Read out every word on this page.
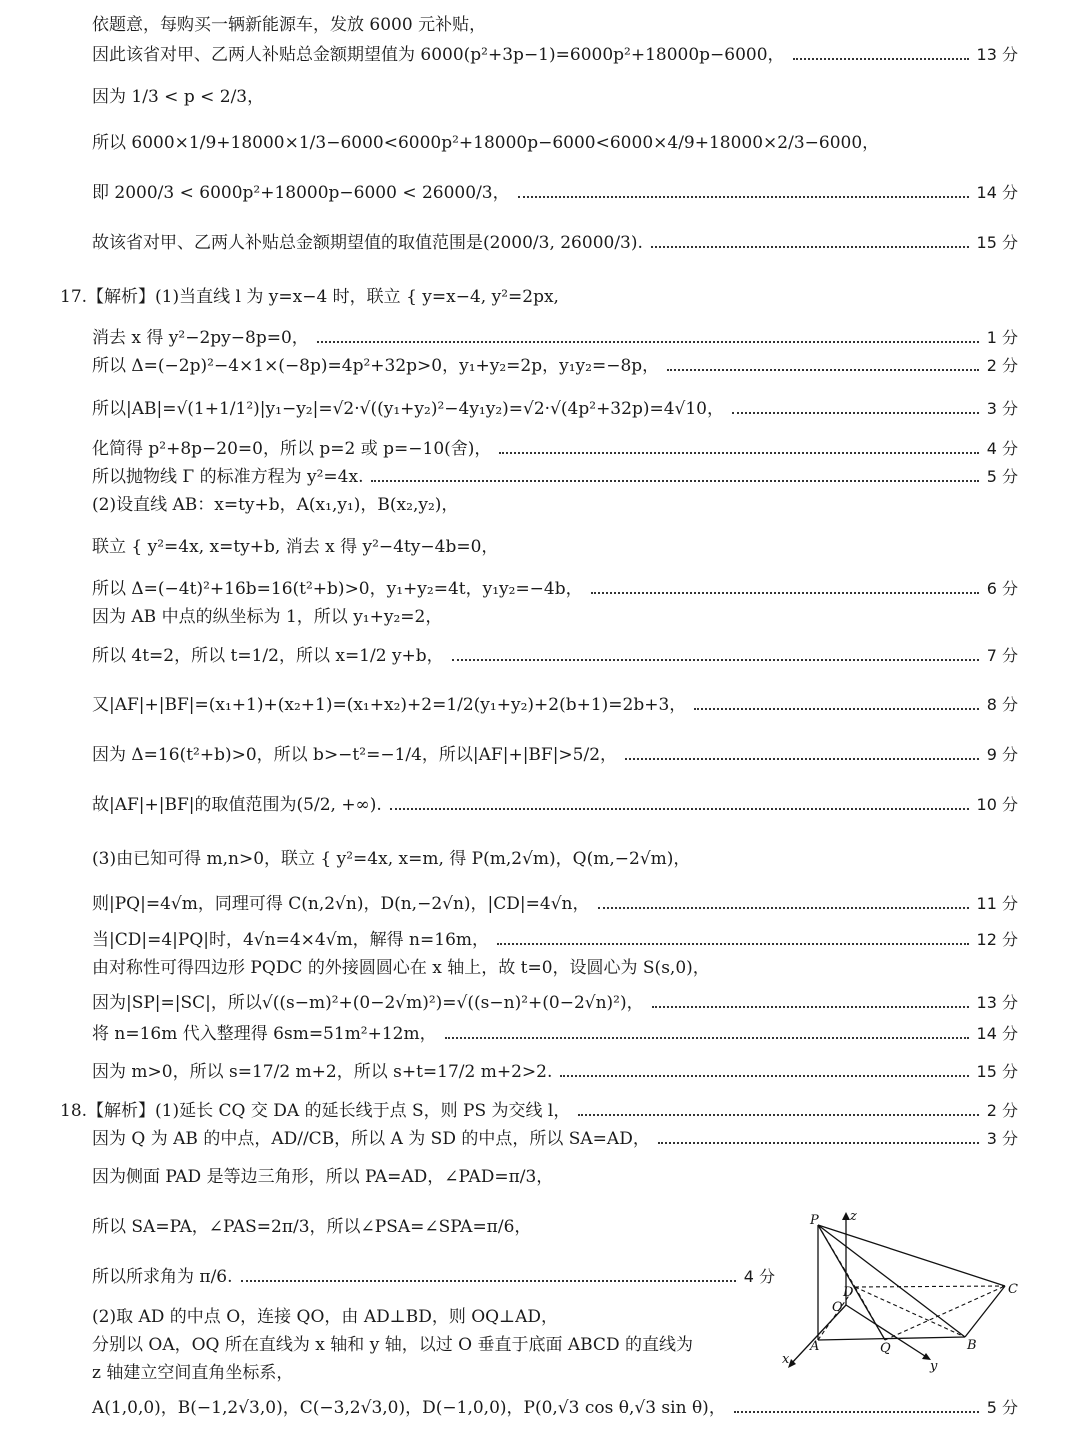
依题意，每购买一辆新能源车，发放 6000 元补贴，
因此该省对甲、乙两人补贴总金额期望值为 6000(p²+3p−1)=6000p²+18000p−6000，	13 分
因为 1/3 < p < 2/3，
所以 6000×1/9+18000×1/3−6000<6000p²+18000p−6000<6000×4/9+18000×2/3−6000，
即 2000/3 < 6000p²+18000p−6000 < 26000/3，	14 分
故该省对甲、乙两人补贴总金额期望值的取值范围是(2000/3, 26000/3).	15 分
17.【解析】(1)当直线 l 为 y=x−4 时，联立 { y=x−4, y²=2px,
消去 x 得 y²−2py−8p=0，	1 分
所以 Δ=(−2p)²−4×1×(−8p)=4p²+32p>0，y₁+y₂=2p，y₁y₂=−8p，	2 分
所以|AB|=√(1+1/1²)|y₁−y₂|=√2·√((y₁+y₂)²−4y₁y₂)=√2·√(4p²+32p)=4√10，	3 分
化简得 p²+8p−20=0，所以 p=2 或 p=−10(舍)，	4 分
所以抛物线 Γ 的标准方程为 y²=4x.	5 分
(2)设直线 AB：x=ty+b，A(x₁,y₁)，B(x₂,y₂)，
联立 { y²=4x, x=ty+b, 消去 x 得 y²−4ty−4b=0，
所以 Δ=(−4t)²+16b=16(t²+b)>0，y₁+y₂=4t，y₁y₂=−4b，	6 分
因为 AB 中点的纵坐标为 1，所以 y₁+y₂=2，
所以 4t=2，所以 t=1/2，所以 x=1/2 y+b，	7 分
又|AF|+|BF|=(x₁+1)+(x₂+1)=(x₁+x₂)+2=1/2(y₁+y₂)+2(b+1)=2b+3，	8 分
因为 Δ=16(t²+b)>0，所以 b>−t²=−1/4，所以|AF|+|BF|>5/2，	9 分
故|AF|+|BF|的取值范围为(5/2, +∞).	10 分
(3)由已知可得 m,n>0，联立 { y²=4x, x=m, 得 P(m,2√m)，Q(m,−2√m)，
则|PQ|=4√m，同理可得 C(n,2√n)，D(n,−2√n)，|CD|=4√n，	11 分
当|CD|=4|PQ|时，4√n=4×4√m，解得 n=16m，	12 分
由对称性可得四边形 PQDC 的外接圆圆心在 x 轴上，故 t=0，设圆心为 S(s,0)，
因为|SP|=|SC|，所以√((s−m)²+(0−2√m)²)=√((s−n)²+(0−2√n)²)，	13 分
将 n=16m 代入整理得 6sm=51m²+12m，	14 分
因为 m>0，所以 s=17/2 m+2，所以 s+t=17/2 m+2>2.	15 分
18.【解析】(1)延长 CQ 交 DA 的延长线于点 S，则 PS 为交线 l，	2 分
因为 Q 为 AB 的中点，AD//CB，所以 A 为 SD 的中点，所以 SA=AD，	3 分
因为侧面 PAD 是等边三角形，所以 PA=AD，∠PAD=π/3，
所以 SA=PA，∠PAS=2π/3，所以∠PSA=∠SPA=π/6，
所以所求角为 π/6.	4 分
(2)取 AD 的中点 O，连接 QO，由 AD⊥BD，则 OQ⊥AD，
分别以 OA，OQ 所在直线为 x 轴和 y 轴，以过 O 垂直于底面 ABCD 的直线为
z 轴建立空间直角坐标系，
A(1,0,0)，B(−1,2√3,0)，C(−3,2√3,0)，D(−1,0,0)，P(0,√3 cos θ,√3 sin θ)，	5 分
P z
D
O
C
A	Q	B
x	y
